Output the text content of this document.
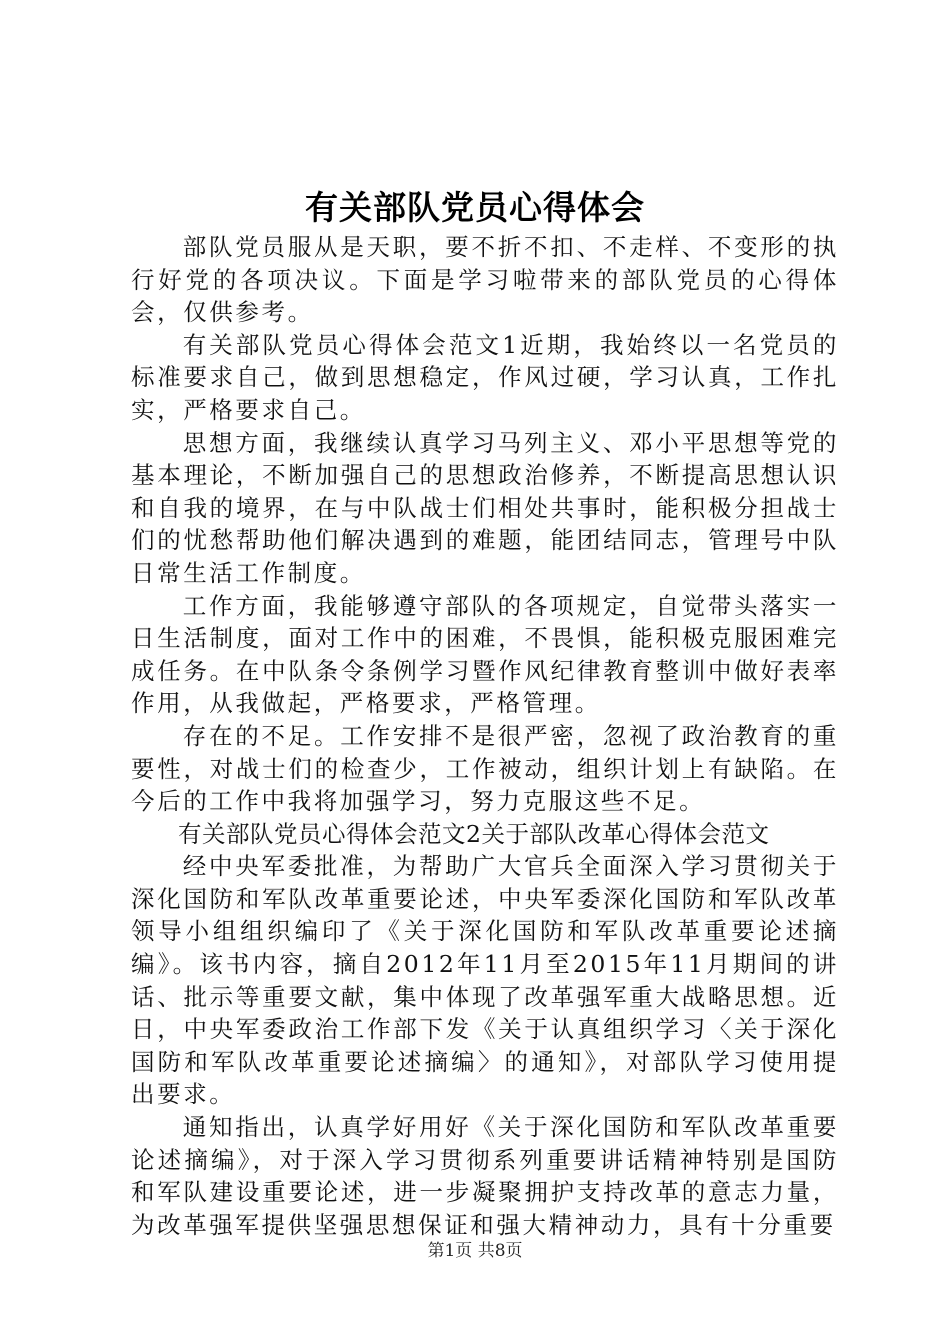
有关部队党员心得体会

部队党员服从是天职，要不折不扣、不走样、不变形的执行好党的各项决议。下面是学习啦带来的部队党员的心得体会，仅供参考。

有关部队党员心得体会范文1近期，我始终以一名党员的标准要求自己，做到思想稳定，作风过硬，学习认真，工作扎实，严格要求自己。

思想方面，我继续认真学习马列主义、邓小平思想等党的基本理论，不断加强自己的思想政治修养，不断提高思想认识和自我的境界，在与中队战士们相处共事时，能积极分担战士们的忧愁帮助他们解决遇到的难题，能团结同志，管理号中队日常生活工作制度。

工作方面，我能够遵守部队的各项规定，自觉带头落实一日生活制度，面对工作中的困难，不畏惧，能积极克服困难完成任务。在中队条令条例学习暨作风纪律教育整训中做好表率作用，从我做起，严格要求，严格管理。

存在的不足。工作安排不是很严密，忽视了政治教育的重要性，对战士们的检查少，工作被动，组织计划上有缺陷。在今后的工作中我将加强学习，努力克服这些不足。

有关部队党员心得体会范文2关于部队改革心得体会范文

经中央军委批准，为帮助广大官兵全面深入学习贯彻关于深化国防和军队改革重要论述，中央军委深化国防和军队改革领导小组组织编印了《关于深化国防和军队改革重要论述摘编》。该书内容，摘自2012年11月至2015年11月期间的讲话、批示等重要文献，集中体现了改革强军重大战略思想。近日，中央军委政治工作部下发《关于认真组织学习〈关于深化国防和军队改革重要论述摘编〉的通知》，对部队学习使用提出要求。

通知指出，认真学好用好《关于深化国防和军队改革重要论述摘编》，对于深入学习贯彻系列重要讲话精神特别是国防和军队建设重要论述，进一步凝聚拥护支持改革的意志力量，为改革强军提供坚强思想保证和强大精神动力，具有十分重要

第1页 共8页
